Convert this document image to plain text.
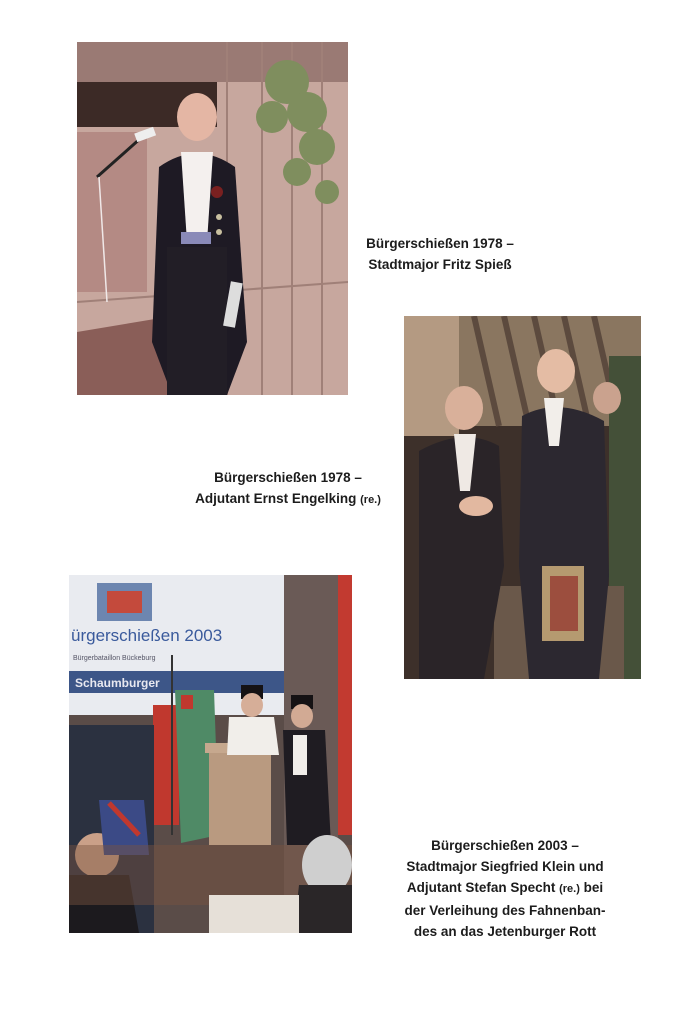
Bürgerschießen 1978 –
Stadtmajor Fritz Spieß
Bürgerschießen 1978 –
Adjutant Ernst Engelking (re.)
ürgerschießen 2003
Bürgerbataillon Bückeburg
Schaumburger
Bürgerschießen 2003 –
Stadtmajor Siegfried Klein und
Adjutant Stefan Specht (re.) bei
der Verleihung des Fahnenban-
des an das Jetenburger Rott
